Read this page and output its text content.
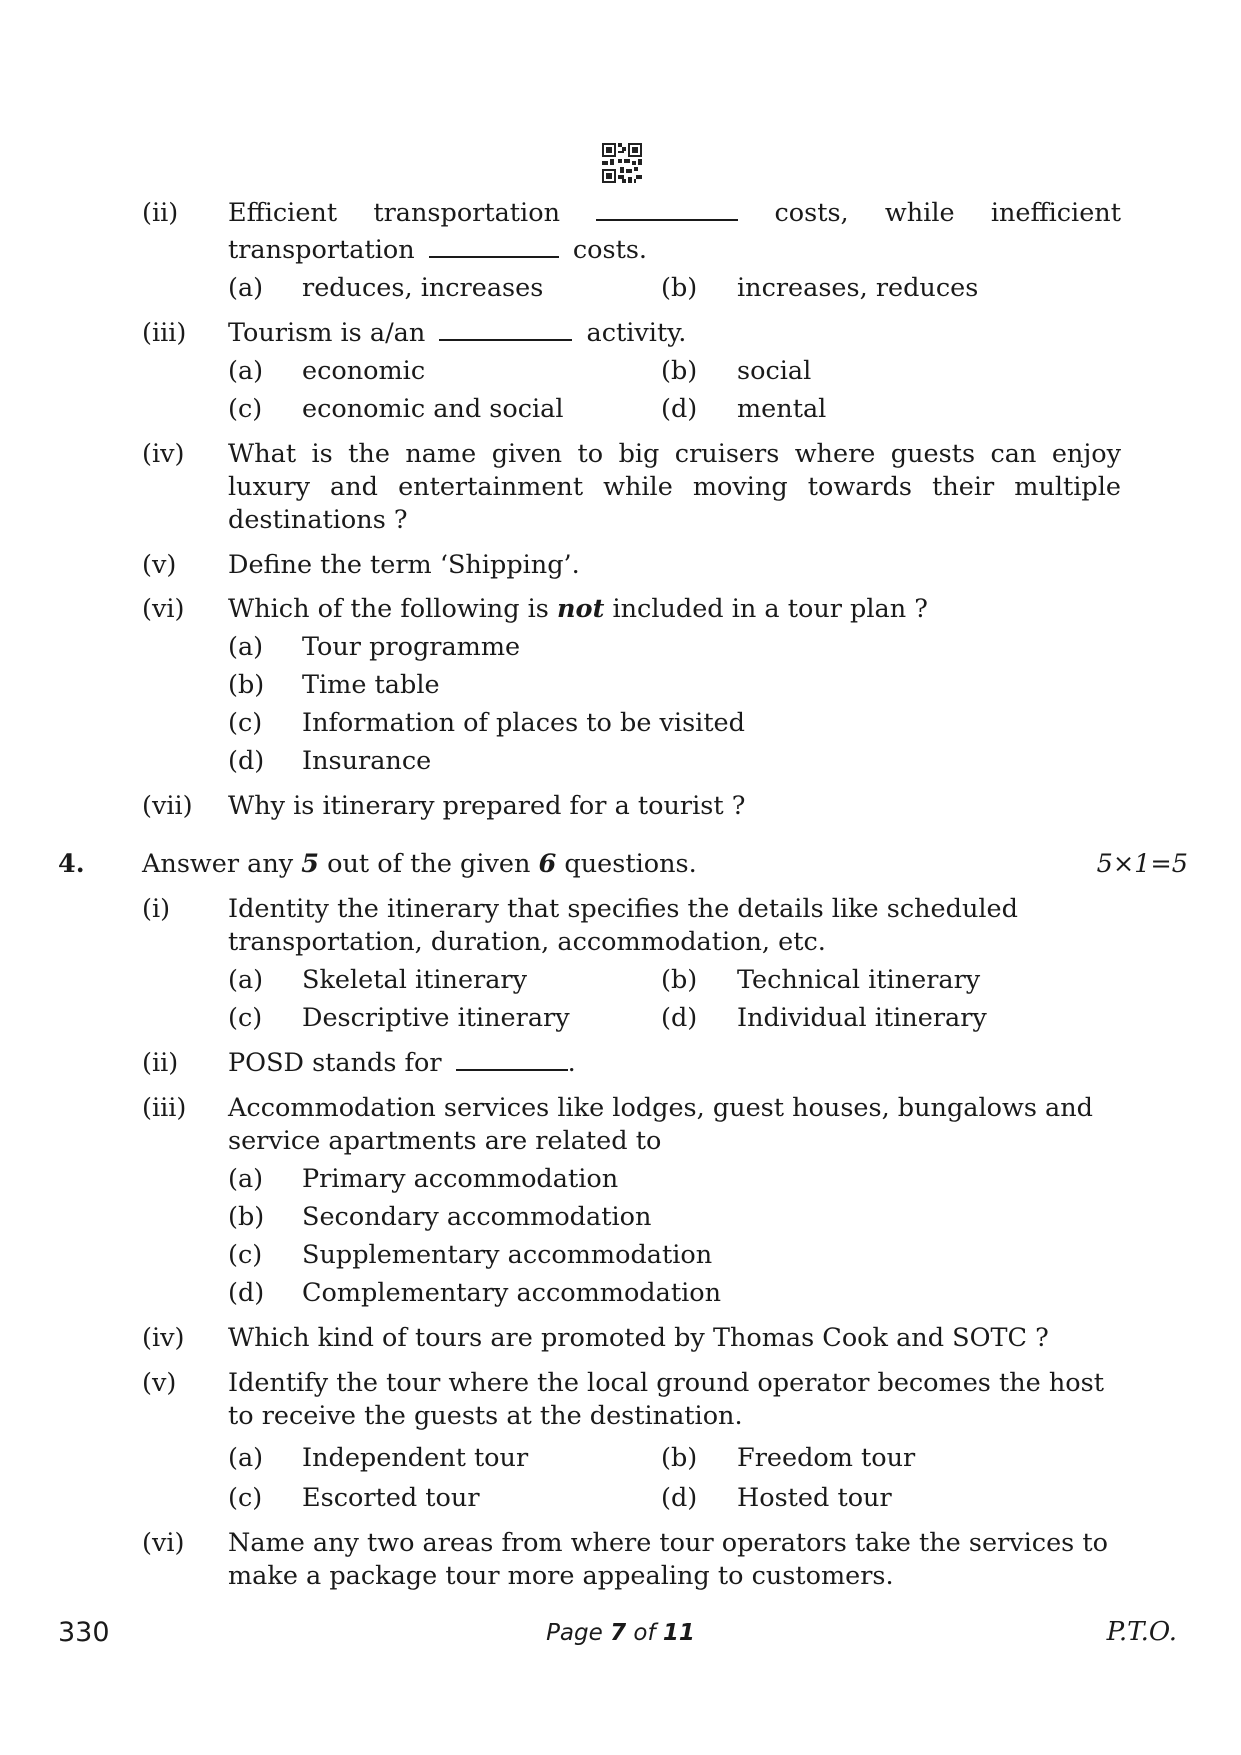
(ii) Efficient transportation	costs, while inefficient
transportation	costs.
(a) reduces, increases	(b) increases, reduces
(iii) Tourism is a/an	activity.
(a) economic	(b) social
(c) economic and social	(d) mental
(iv) What is the name given to big cruisers where guests can enjoy
luxury and entertainment while moving towards their multiple
destinations ?
(v) Define the term ‘Shipping’.
(vi) Which of the following is not included in a tour plan ?
(a) Tour programme
(b) Time table
(c) Information of places to be visited
(d) Insurance
(vii) Why is itinerary prepared for a tourist ?
4. Answer any 5 out of the given 6 questions.	5×1=5
(i) Identity the itinerary that specifies the details like scheduled
transportation, duration, accommodation, etc.
(a) Skeletal itinerary	(b) Technical itinerary
(c) Descriptive itinerary	(d) Individual itinerary
(ii) POSD stands for	.
(iii) Accommodation services like lodges, guest houses, bungalows and
service apartments are related to
(a) Primary accommodation
(b) Secondary accommodation
(c) Supplementary accommodation
(d) Complementary accommodation
(iv) Which kind of tours are promoted by Thomas Cook and SOTC ?
(v) Identify the tour where the local ground operator becomes the host
to receive the guests at the destination.
(a) Independent tour	(b) Freedom tour
(c) Escorted tour	(d) Hosted tour
(vi) Name any two areas from where tour operators take the services to
make a package tour more appealing to customers.
330	Page 7 of 11	P.T.O.
